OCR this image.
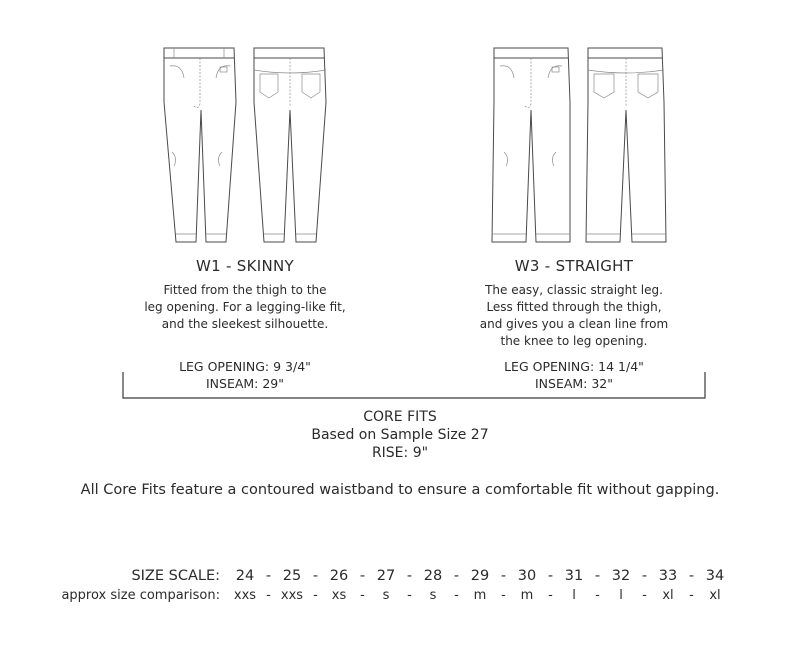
W1 - SKINNY
Fitted from the thigh to the
leg opening. For a legging-like fit,
and the sleekest silhouette.
LEG OPENING: 9 3/4"
INSEAM: 29"
W3 - STRAIGHT
The easy, classic straight leg.
Less fitted through the thigh,
and gives you a clean line from
the knee to leg opening.
LEG OPENING: 14 1/4"
INSEAM: 32"
CORE FITS
Based on Sample Size 27
RISE: 9"
All Core Fits feature a contoured waistband to ensure a comfortable fit without gapping.
SIZE SCALE: 24 - 25 - 26 - 27 - 28 - 29 - 30 - 31 - 32 - 33 - 34
approx size comparison: xxs - xxs -	xs	-	s	-	s	-	m	-	m	-	l	-	l	-	xl	-	xl
